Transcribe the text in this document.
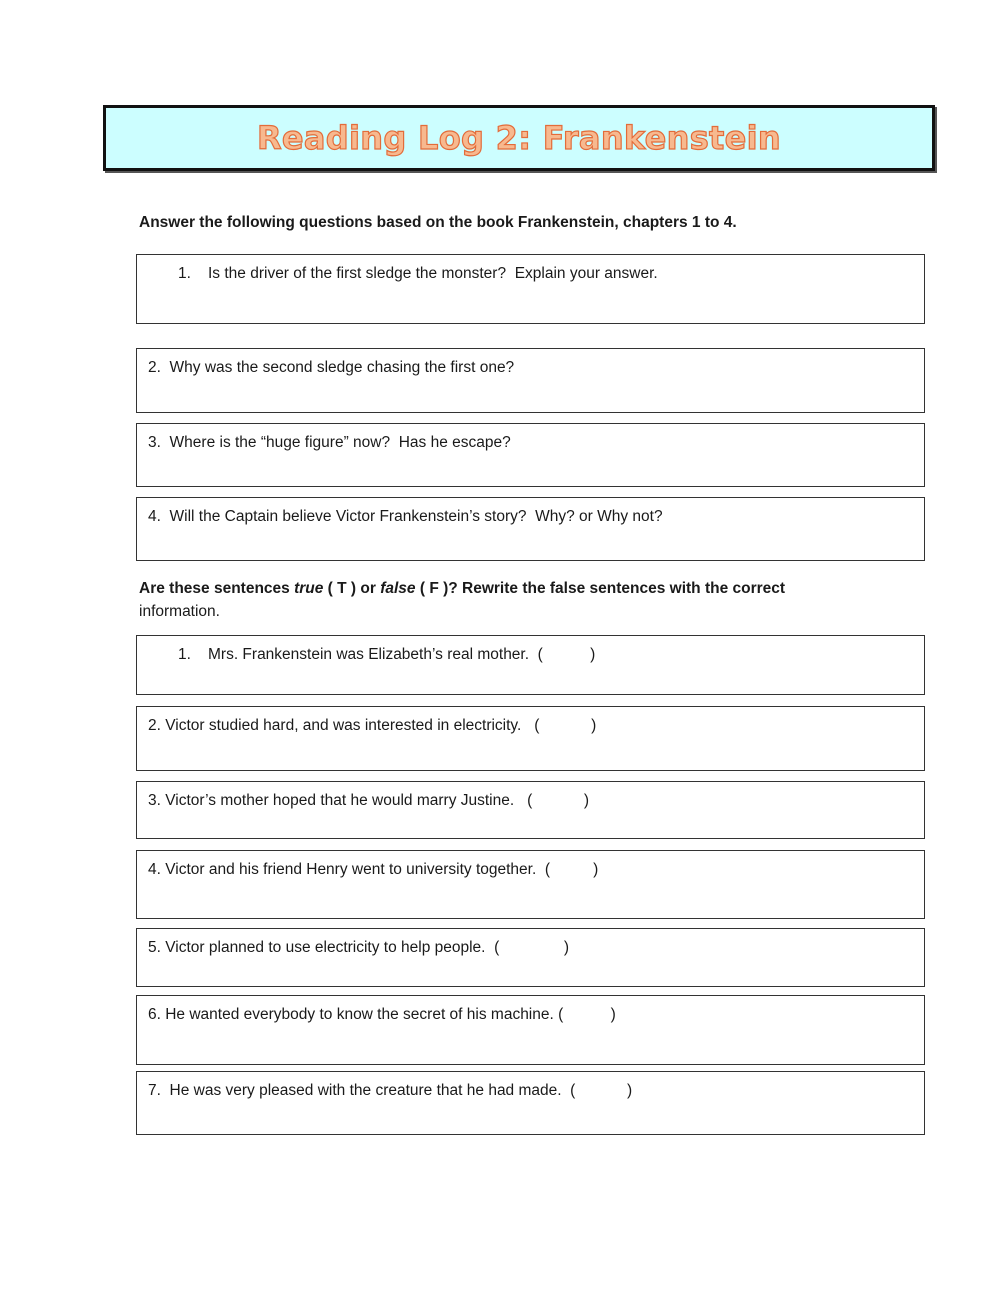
Reading Log 2: Frankenstein
Answer the following questions based on the book Frankenstein, chapters 1 to 4.
1. Is the driver of the first sledge the monster?  Explain your answer.
2.  Why was the second sledge chasing the first one?
3.  Where is the “huge figure” now?  Has he escape?
4.  Will the Captain believe Victor Frankenstein’s story?  Why? or Why not?
Are these sentences true ( T ) or false ( F )? Rewrite the false sentences with the correct
information.
1. Mrs. Frankenstein was Elizabeth’s real mother.  (           )
2. Victor studied hard, and was interested in electricity.   (            )
3. Victor’s mother hoped that he would marry Justine.   (            )
4. Victor and his friend Henry went to university together.  (          )
5. Victor planned to use electricity to help people.  (               )
6. He wanted everybody to know the secret of his machine. (           )
7.  He was very pleased with the creature that he had made.  (            )
